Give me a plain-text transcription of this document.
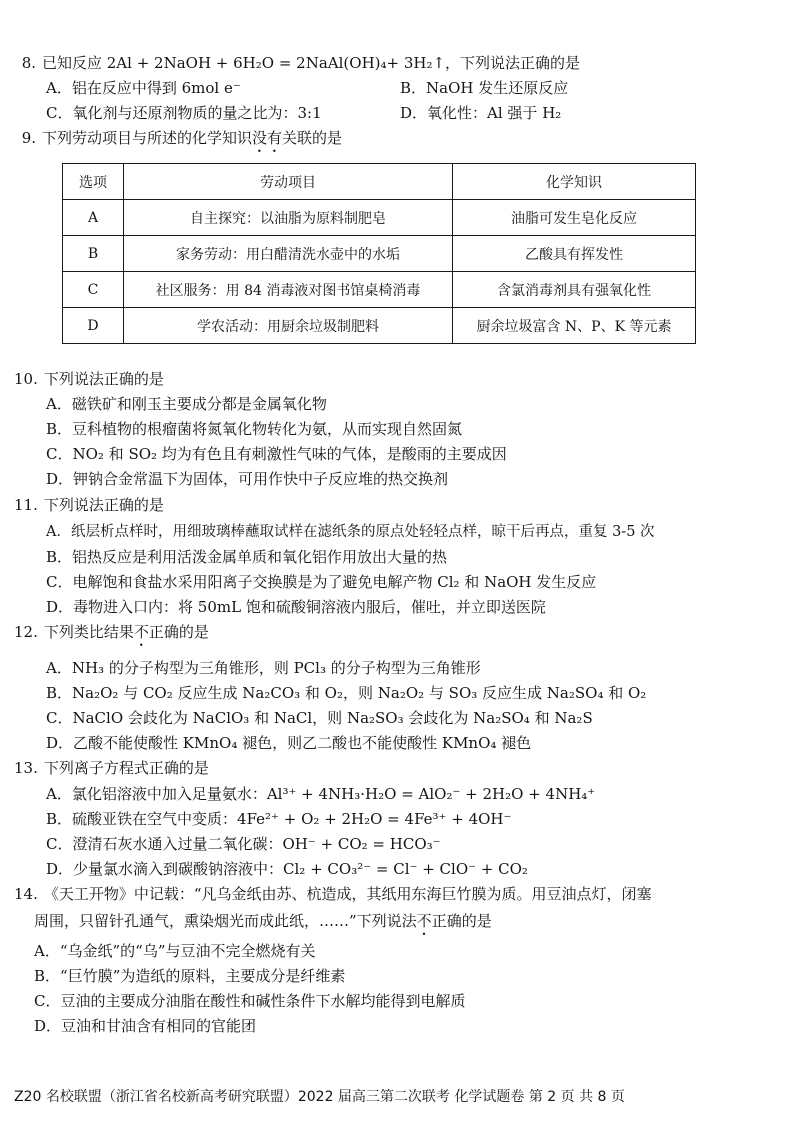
8. 已知反应 2Al + 2NaOH + 6H₂O = 2NaAl(OH)₄+ 3H₂↑，下列说法正确的是
A．铝在反应中得到 6mol e⁻	B．NaOH 发生还原反应
C．氧化剂与还原剂物质的量之比为：3:1	D．氧化性：Al 强于 H₂
9. 下列劳动项目与所述的化学知识没有关联的是
选项	劳动项目	化学知识
A	自主探究：以油脂为原料制肥皂	油脂可发生皂化反应
B	家务劳动：用白醋清洗水壶中的水垢	乙酸具有挥发性
C	社区服务：用 84 消毒液对图书馆桌椅消毒	含氯消毒剂具有强氧化性
D	学农活动：用厨余垃圾制肥料	厨余垃圾富含 N、P、K 等元素
10. 下列说法正确的是
A．磁铁矿和刚玉主要成分都是金属氧化物
B．豆科植物的根瘤菌将氮氧化物转化为氨，从而实现自然固氮
C．NO₂ 和 SO₂ 均为有色且有刺激性气味的气体，是酸雨的主要成因
D．钾钠合金常温下为固体，可用作快中子反应堆的热交换剂
11. 下列说法正确的是
A．纸层析点样时，用细玻璃棒蘸取试样在滤纸条的原点处轻轻点样，晾干后再点，重复 3-5 次
B．铝热反应是利用活泼金属单质和氧化铝作用放出大量的热
C．电解饱和食盐水采用阳离子交换膜是为了避免电解产物 Cl₂ 和 NaOH 发生反应
D．毒物进入口内：将 50mL 饱和硫酸铜溶液内服后，催吐，并立即送医院
12. 下列类比结果不正确的是
A．NH₃ 的分子构型为三角锥形，则 PCl₃ 的分子构型为三角锥形
B．Na₂O₂ 与 CO₂ 反应生成 Na₂CO₃ 和 O₂，则 Na₂O₂ 与 SO₃ 反应生成 Na₂SO₄ 和 O₂
C．NaClO 会歧化为 NaClO₃ 和 NaCl，则 Na₂SO₃ 会歧化为 Na₂SO₄ 和 Na₂S
D．乙酸不能使酸性 KMnO₄ 褪色，则乙二酸也不能使酸性 KMnO₄ 褪色
13. 下列离子方程式正确的是
A．氯化铝溶液中加入足量氨水：Al³⁺ + 4NH₃·H₂O = AlO₂⁻ + 2H₂O + 4NH₄⁺
B．硫酸亚铁在空气中变质：4Fe²⁺ + O₂ + 2H₂O = 4Fe³⁺ + 4OH⁻
C．澄清石灰水通入过量二氧化碳：OH⁻ + CO₂ = HCO₃⁻
D．少量氯水滴入到碳酸钠溶液中：Cl₂ + CO₃²⁻ = Cl⁻ + ClO⁻ + CO₂
14. 《天工开物》中记载：“凡乌金纸由苏、杭造成，其纸用东海巨竹膜为质。用豆油点灯，闭塞
周围，只留针孔通气，熏染烟光而成此纸，……”下列说法不正确的是
A．“乌金纸”的“乌”与豆油不完全燃烧有关
B．“巨竹膜”为造纸的原料，主要成分是纤维素
C．豆油的主要成分油脂在酸性和碱性条件下水解均能得到电解质
D．豆油和甘油含有相同的官能团
Z20 名校联盟（浙江省名校新高考研究联盟）2022 届高三第二次联考 化学试题卷 第 2 页 共 8 页
